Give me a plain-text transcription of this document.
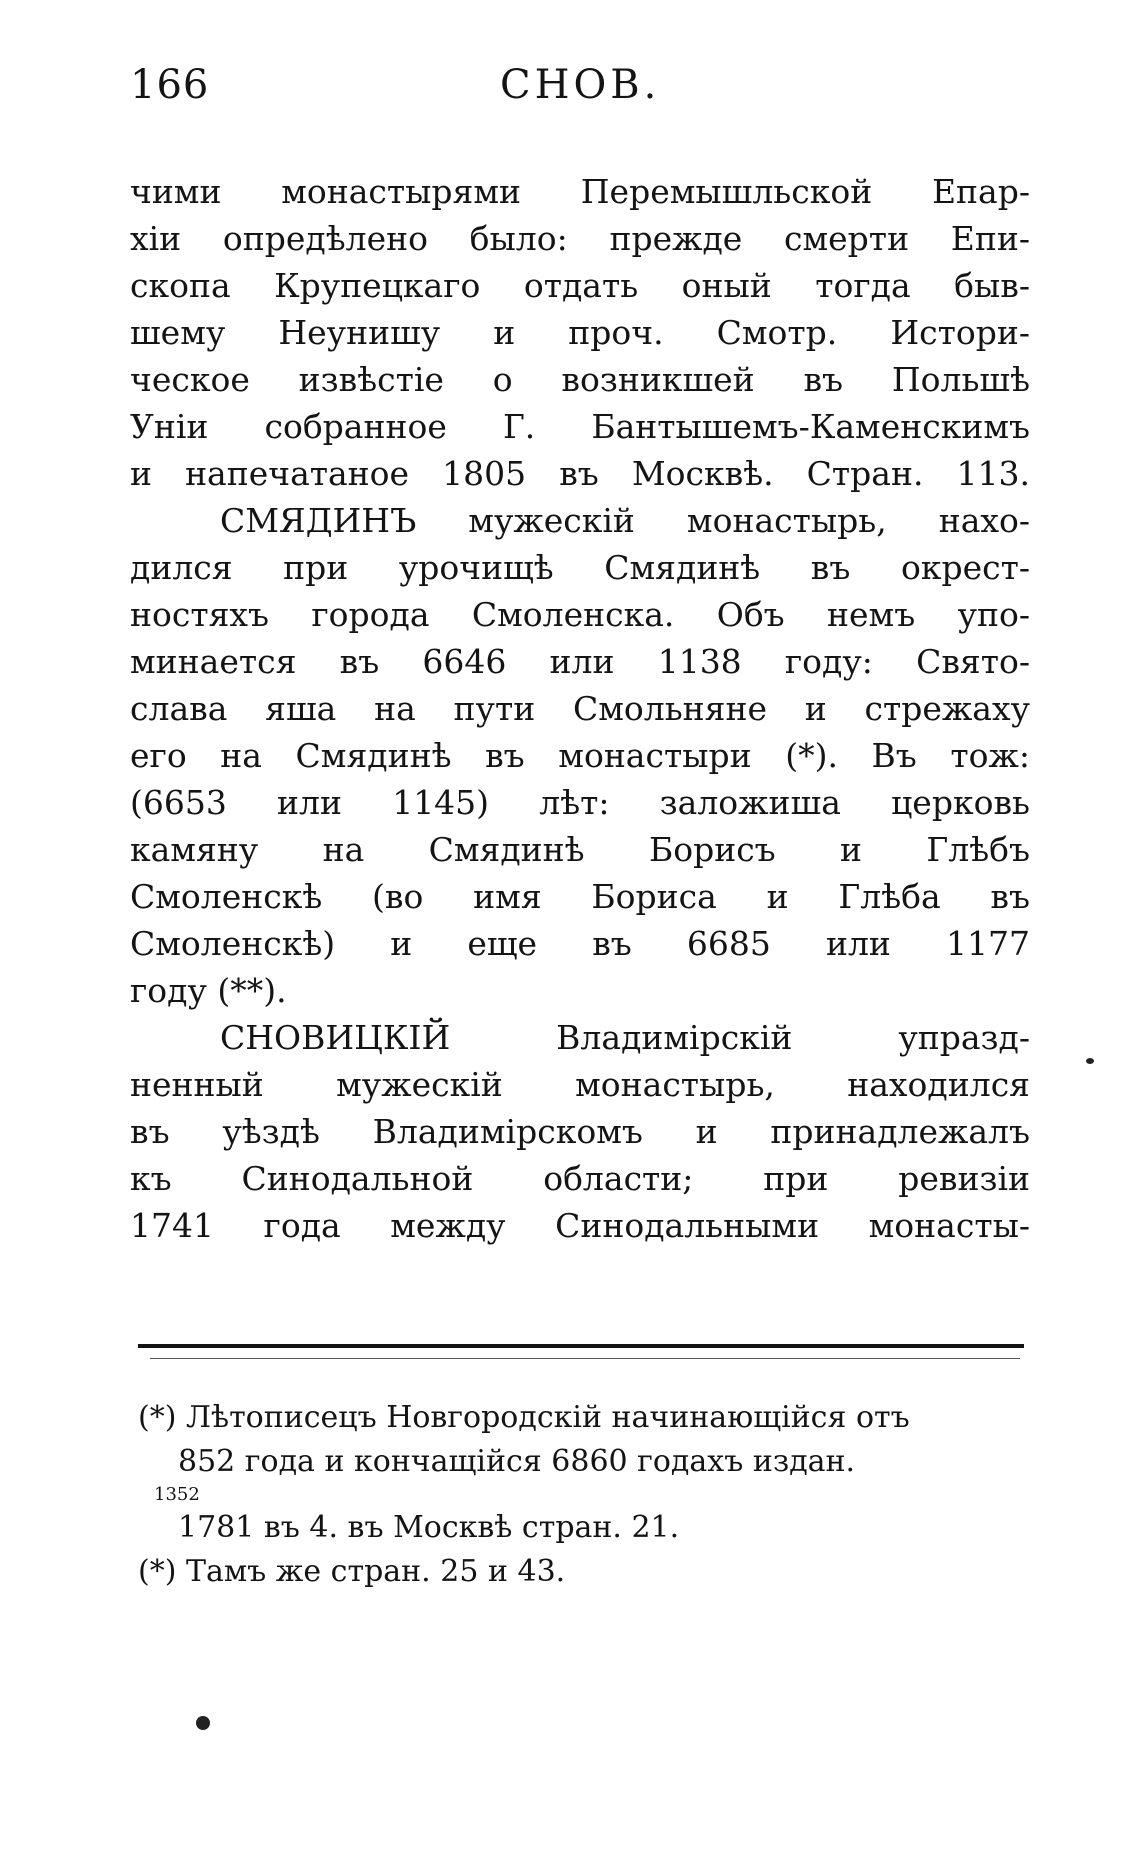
166	СНОВ.
чими монастырями Перемышльской Епар-
хіи опредѣлено было: прежде смерти Епи-
скопа Крупецкаго отдать оный тогда быв-
шему Неунишу и проч. Смотр. Истори-
ческое извѣстіе о возникшей въ Польшѣ
Уніи собранное Г. Бантышемъ-Каменскимъ
и напечатаное 1805 въ Москвѣ. Стран. 113.
СМЯДИНЪ мужескій монастырь, нахо-
дился при урочищѣ Смядинѣ въ окрест-
ностяхъ города Смоленска. Объ немъ упо-
минается въ 6646 или 1138 году: Свято-
слава яша на пути Смольняне и стрежаху
его на Смядинѣ въ монастыри (*). Въ тож:
(6653 или 1145) лѣт: заложиша церковь
камяну на Смядинѣ Борисъ и Глѣбъ
Смоленскѣ (во имя Бориса и Глѣба въ
Смоленскѣ) и еще въ 6685 или 1177
году (**).
СНОВИЦКІЙ Владимірскій упразд-
ненный мужескій монастырь, находился
въ уѣздѣ Владимірскомъ и принадлежалъ
къ Синодальной области; при ревизіи
1741 года между Синодальными монасты-
(*) Лѣтописецъ Новгородскій начинающійся отъ
852 года и кончащійся 6860 годахъ издан.
1352
1781 въ 4. въ Москвѣ стран. 21.
(*) Тамъ же стран. 25 и 43.
